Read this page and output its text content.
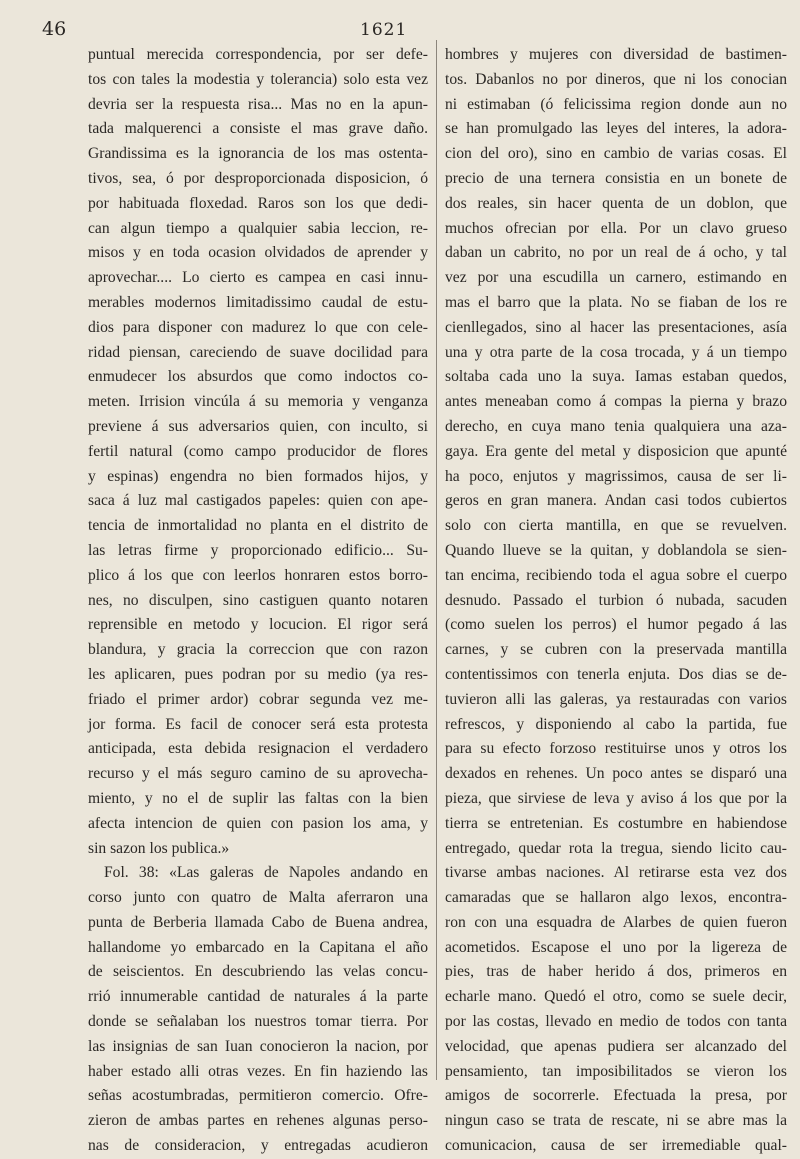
46	1621
puntual merecida correspondencia, por ser defe-
tos con tales la modestia y tolerancia) solo esta vez
devria ser la respuesta risa... Mas no en la apun-
tada malquerenci a consiste el mas grave daño.
Grandissima es la ignorancia de los mas ostenta-
tivos, sea, ó por desproporcionada disposicion, ó
por habituada floxedad. Raros son los que dedi-
can algun tiempo a qualquier sabia leccion, re-
misos y en toda ocasion olvidados de aprender y
aprovechar.... Lo cierto es campea en casi innu-
merables modernos limitadissimo caudal de estu-
dios para disponer con madurez lo que con cele-
ridad piensan, careciendo de suave docilidad para
enmudecer los absurdos que como indoctos co-
meten. Irrision vincúla á su memoria y venganza
previene á sus adversarios quien, con inculto, si
fertil natural (como campo producidor de flores
y espinas) engendra no bien formados hijos, y
saca á luz mal castigados papeles: quien con ape-
tencia de inmortalidad no planta en el distrito de
las letras firme y proporcionado edificio... Su-
plico á los que con leerlos honraren estos borro-
nes, no disculpen, sino castiguen quanto notaren
reprensible en metodo y locucion. El rigor será
blandura, y gracia la correccion que con razon
les aplicaren, pues podran por su medio (ya res-
friado el primer ardor) cobrar segunda vez me-
jor forma. Es facil de conocer será esta protesta
anticipada, esta debida resignacion el verdadero
recurso y el más seguro camino de su aprovecha-
miento, y no el de suplir las faltas con la bien
afecta intencion de quien con pasion los ama, y
sin sazon los publica.»
Fol. 38: «Las galeras de Napoles andando en
corso junto con quatro de Malta aferraron una
punta de Berberia llamada Cabo de Buena andrea,
hallandome yo embarcado en la Capitana el año
de seiscientos. En descubriendo las velas concu-
rrió innumerable cantidad de naturales á la parte
donde se señalaban los nuestros tomar tierra. Por
las insignias de san Iuan conocieron la nacion, por
haber estado alli otras vezes. En fin haziendo las
señas acostumbradas, permitieron comercio. Ofre-
zieron de ambas partes en rehenes algunas perso-
nas de consideracion, y entregadas acudieron
hombres y mujeres con diversidad de bastimen-
tos. Dabanlos no por dineros, que ni los conocian
ni estimaban (ó felicissima region donde aun no
se han promulgado las leyes del interes, la adora-
cion del oro), sino en cambio de varias cosas. El
precio de una ternera consistia en un bonete de
dos reales, sin hacer quenta de un doblon, que
muchos ofrecian por ella. Por un clavo grueso
daban un cabrito, no por un real de á ocho, y tal
vez por una escudilla un carnero, estimando en
mas el barro que la plata. No se fiaban de los re
cienllegados, sino al hacer las presentaciones, asía
una y otra parte de la cosa trocada, y á un tiempo
soltaba cada uno la suya. Iamas estaban quedos,
antes meneaban como á compas la pierna y brazo
derecho, en cuya mano tenia qualquiera una aza-
gaya. Era gente del metal y disposicion que apunté
ha poco, enjutos y magrissimos, causa de ser li-
geros en gran manera. Andan casi todos cubiertos
solo con cierta mantilla, en que se revuelven.
Quando llueve se la quitan, y doblandola se sien-
tan encima, recibiendo toda el agua sobre el cuerpo
desnudo. Passado el turbion ó nubada, sacuden
(como suelen los perros) el humor pegado á las
carnes, y se cubren con la preservada mantilla
contentissimos con tenerla enjuta. Dos dias se de-
tuvieron alli las galeras, ya restauradas con varios
refrescos, y disponiendo al cabo la partida, fue
para su efecto forzoso restituirse unos y otros los
dexados en rehenes. Un poco antes se disparó una
pieza, que sirviese de leva y aviso á los que por la
tierra se entretenian. Es costumbre en habiendose
entregado, quedar rota la tregua, siendo licito cau-
tivarse ambas naciones. Al retirarse esta vez dos
camaradas que se hallaron algo lexos, encontra-
ron con una esquadra de Alarbes de quien fueron
acometidos. Escapose el uno por la ligereza de
pies, tras de haber herido á dos, primeros en
echarle mano. Quedó el otro, como se suele decir,
por las costas, llevado en medio de todos con tanta
velocidad, que apenas pudiera ser alcanzado del
pensamiento, tan imposibilitados se vieron los
amigos de socorrerle. Efectuada la presa, por
ningun caso se trata de rescate, ni se abre mas la
comunicacion, causa de ser irremediable qual-
